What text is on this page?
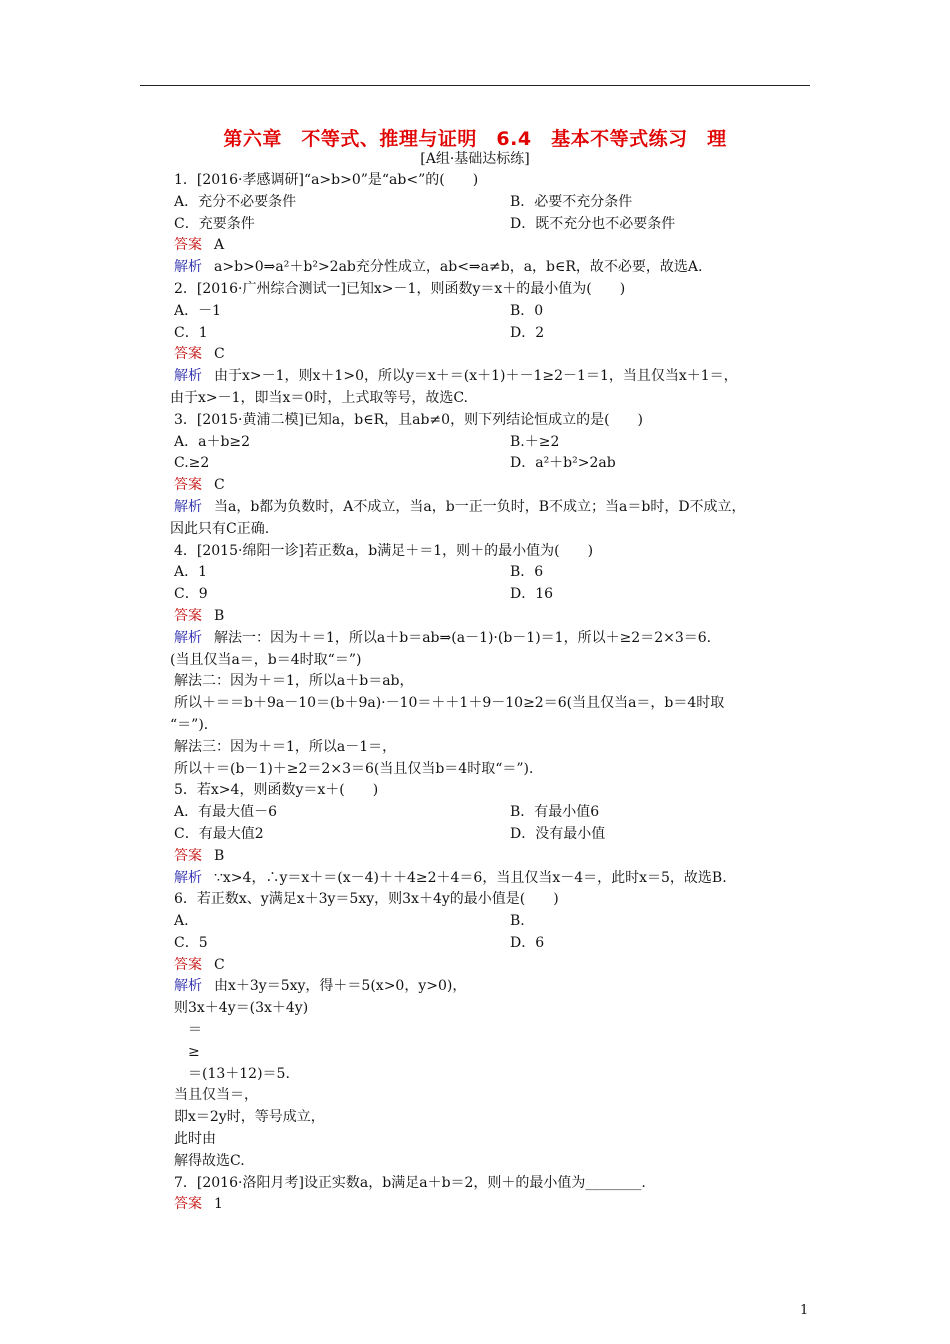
第六章　不等式、推理与证明　6.4　基本不等式练习　理
[A组·基础达标练]
1．[2016·孝感调研]“a>b>0”是“ab<”的(　　)
A．充分不必要条件	B．必要不充分条件
C．充要条件	D．既不充分也不必要条件
答案 A
解析 a>b>0⇒a²＋b²>2ab充分性成立，ab<⇒a≠b，a，b∈R，故不必要，故选A.
2．[2016·广州综合测试一]已知x>－1，则函数y＝x＋的最小值为(　　)
A．－1	B．0
C．1	D．2
答案 C
解析 由于x>－1，则x＋1>0，所以y＝x＋＝(x＋1)＋－1≥2－1＝1，当且仅当x＋1＝，
由于x>－1，即当x＝0时，上式取等号，故选C.
3．[2015·黄浦二模]已知a，b∈R，且ab≠0，则下列结论恒成立的是(　　)
A．a＋b≥2	B.＋≥2
C.≥2	D．a²＋b²>2ab
答案 C
解析 当a，b都为负数时，A不成立，当a，b一正一负时，B不成立；当a＝b时，D不成立，
因此只有C正确.
4．[2015·绵阳一诊]若正数a，b满足＋＝1，则＋的最小值为(　　)
A．1	B．6
C．9	D．16
答案 B
解析 解法一：因为＋＝1，所以a＋b＝ab⇒(a－1)·(b－1)＝1，所以＋≥2＝2×3＝6.
(当且仅当a＝，b＝4时取“＝”)
解法二：因为＋＝1，所以a＋b＝ab，
所以＋＝＝b＋9a－10＝(b＋9a)·－10＝＋＋1＋9－10≥2＝6(当且仅当a＝，b＝4时取
“＝”)．
解法三：因为＋＝1，所以a－1＝，
所以＋＝(b－1)＋≥2＝2×3＝6(当且仅当b＝4时取“＝”)．
5．若x>4，则函数y＝x＋(　　)
A．有最大值－6	B．有最小值6
C．有最大值2	D．没有最小值
答案 B
解析 ∵x>4，∴y＝x＋＝(x－4)＋＋4≥2＋4＝6，当且仅当x－4＝，此时x＝5，故选B.
6．若正数x、y满足x＋3y＝5xy，则3x＋4y的最小值是(　　)
A.	B.
C．5	D．6
答案 C
解析 由x＋3y＝5xy，得＋＝5(x>0，y>0)，
则3x＋4y＝(3x＋4y)
＝
≥
＝(13＋12)＝5.
当且仅当＝，
即x＝2y时，等号成立，
此时由
解得故选C.
7．[2016·洛阳月考]设正实数a，b满足a＋b＝2，则＋的最小值为________.
答案 1
1
